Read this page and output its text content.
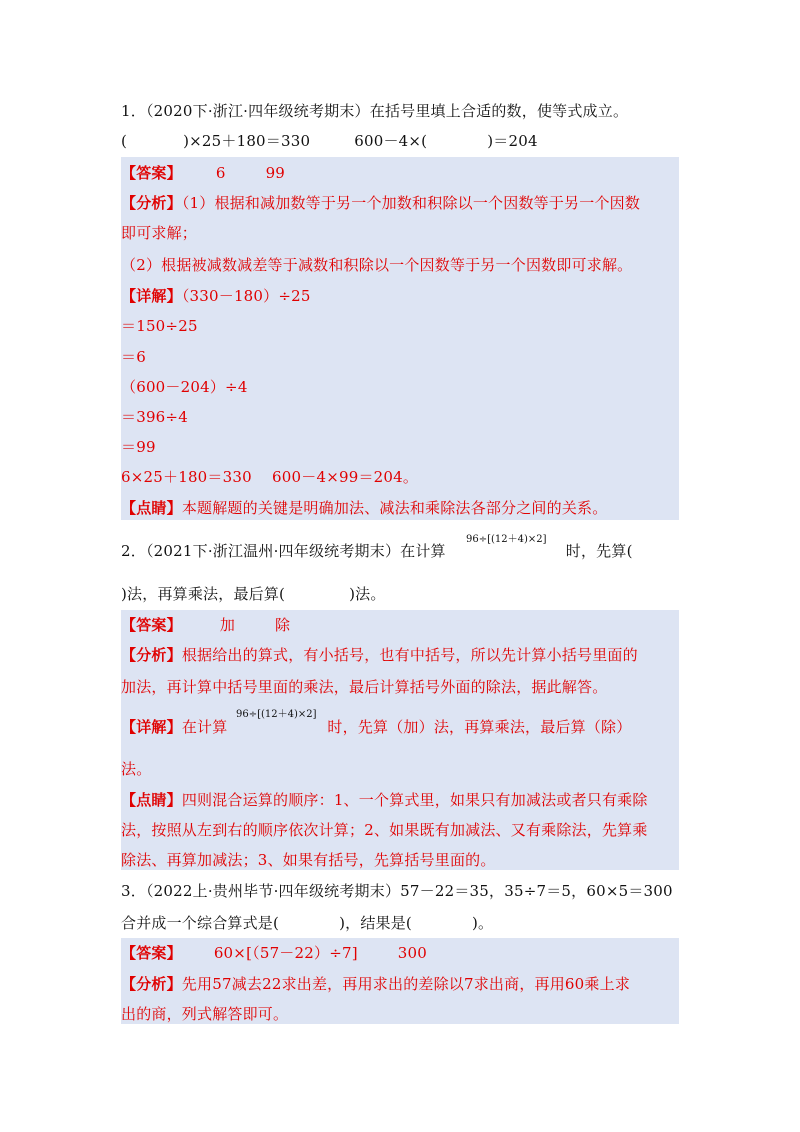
1．（2020下·浙江·四年级统考期末）在括号里填上合适的数，使等式成立。
(	)×25＋180＝330	600－4×(	)＝204
【答案】 6	99
【分析】（1）根据和减加数等于另一个加数和积除以一个因数等于另一个因数
即可求解；
（2）根据被减数减差等于减数和积除以一个因数等于另一个因数即可求解。
【详解】（330－180）÷25
＝150÷25
＝6
（600－204）÷4
＝396÷4
＝99
6×25＋180＝330　 600－4×99＝204。
【点睛】本题解题的关键是明确加法、减法和乘除法各部分之间的关系。
2．（2021下·浙江温州·四年级统考期末）在计算	时，先算(
96÷[(12＋4)×2]
)法，再算乘法，最后算(	)法。
【答案】	加	除
【分析】根据给出的算式，有小括号，也有中括号，所以先计算小括号里面的
加法，再计算中括号里面的乘法，最后计算括号外面的除法，据此解答。
【详解】在计算	时，先算（加）法，再算乘法，最后算（除）
96÷[(12＋4)×2]
法。
【点睛】四则混合运算的顺序：1、一个算式里，如果只有加减法或者只有乘除
法，按照从左到右的顺序依次计算；2、如果既有加减法、又有乘除法，先算乘
除法、再算加减法；3、如果有括号，先算括号里面的。
3．（2022上·贵州毕节·四年级统考期末）57－22＝35，35÷7＝5，60×5＝300
合并成一个综合算式是(	)，结果是(	)。
【答案】 60×[（57－22）÷7]	300
【分析】先用57减去22求出差，再用求出的差除以7求出商，再用60乘上求
出的商，列式解答即可。
